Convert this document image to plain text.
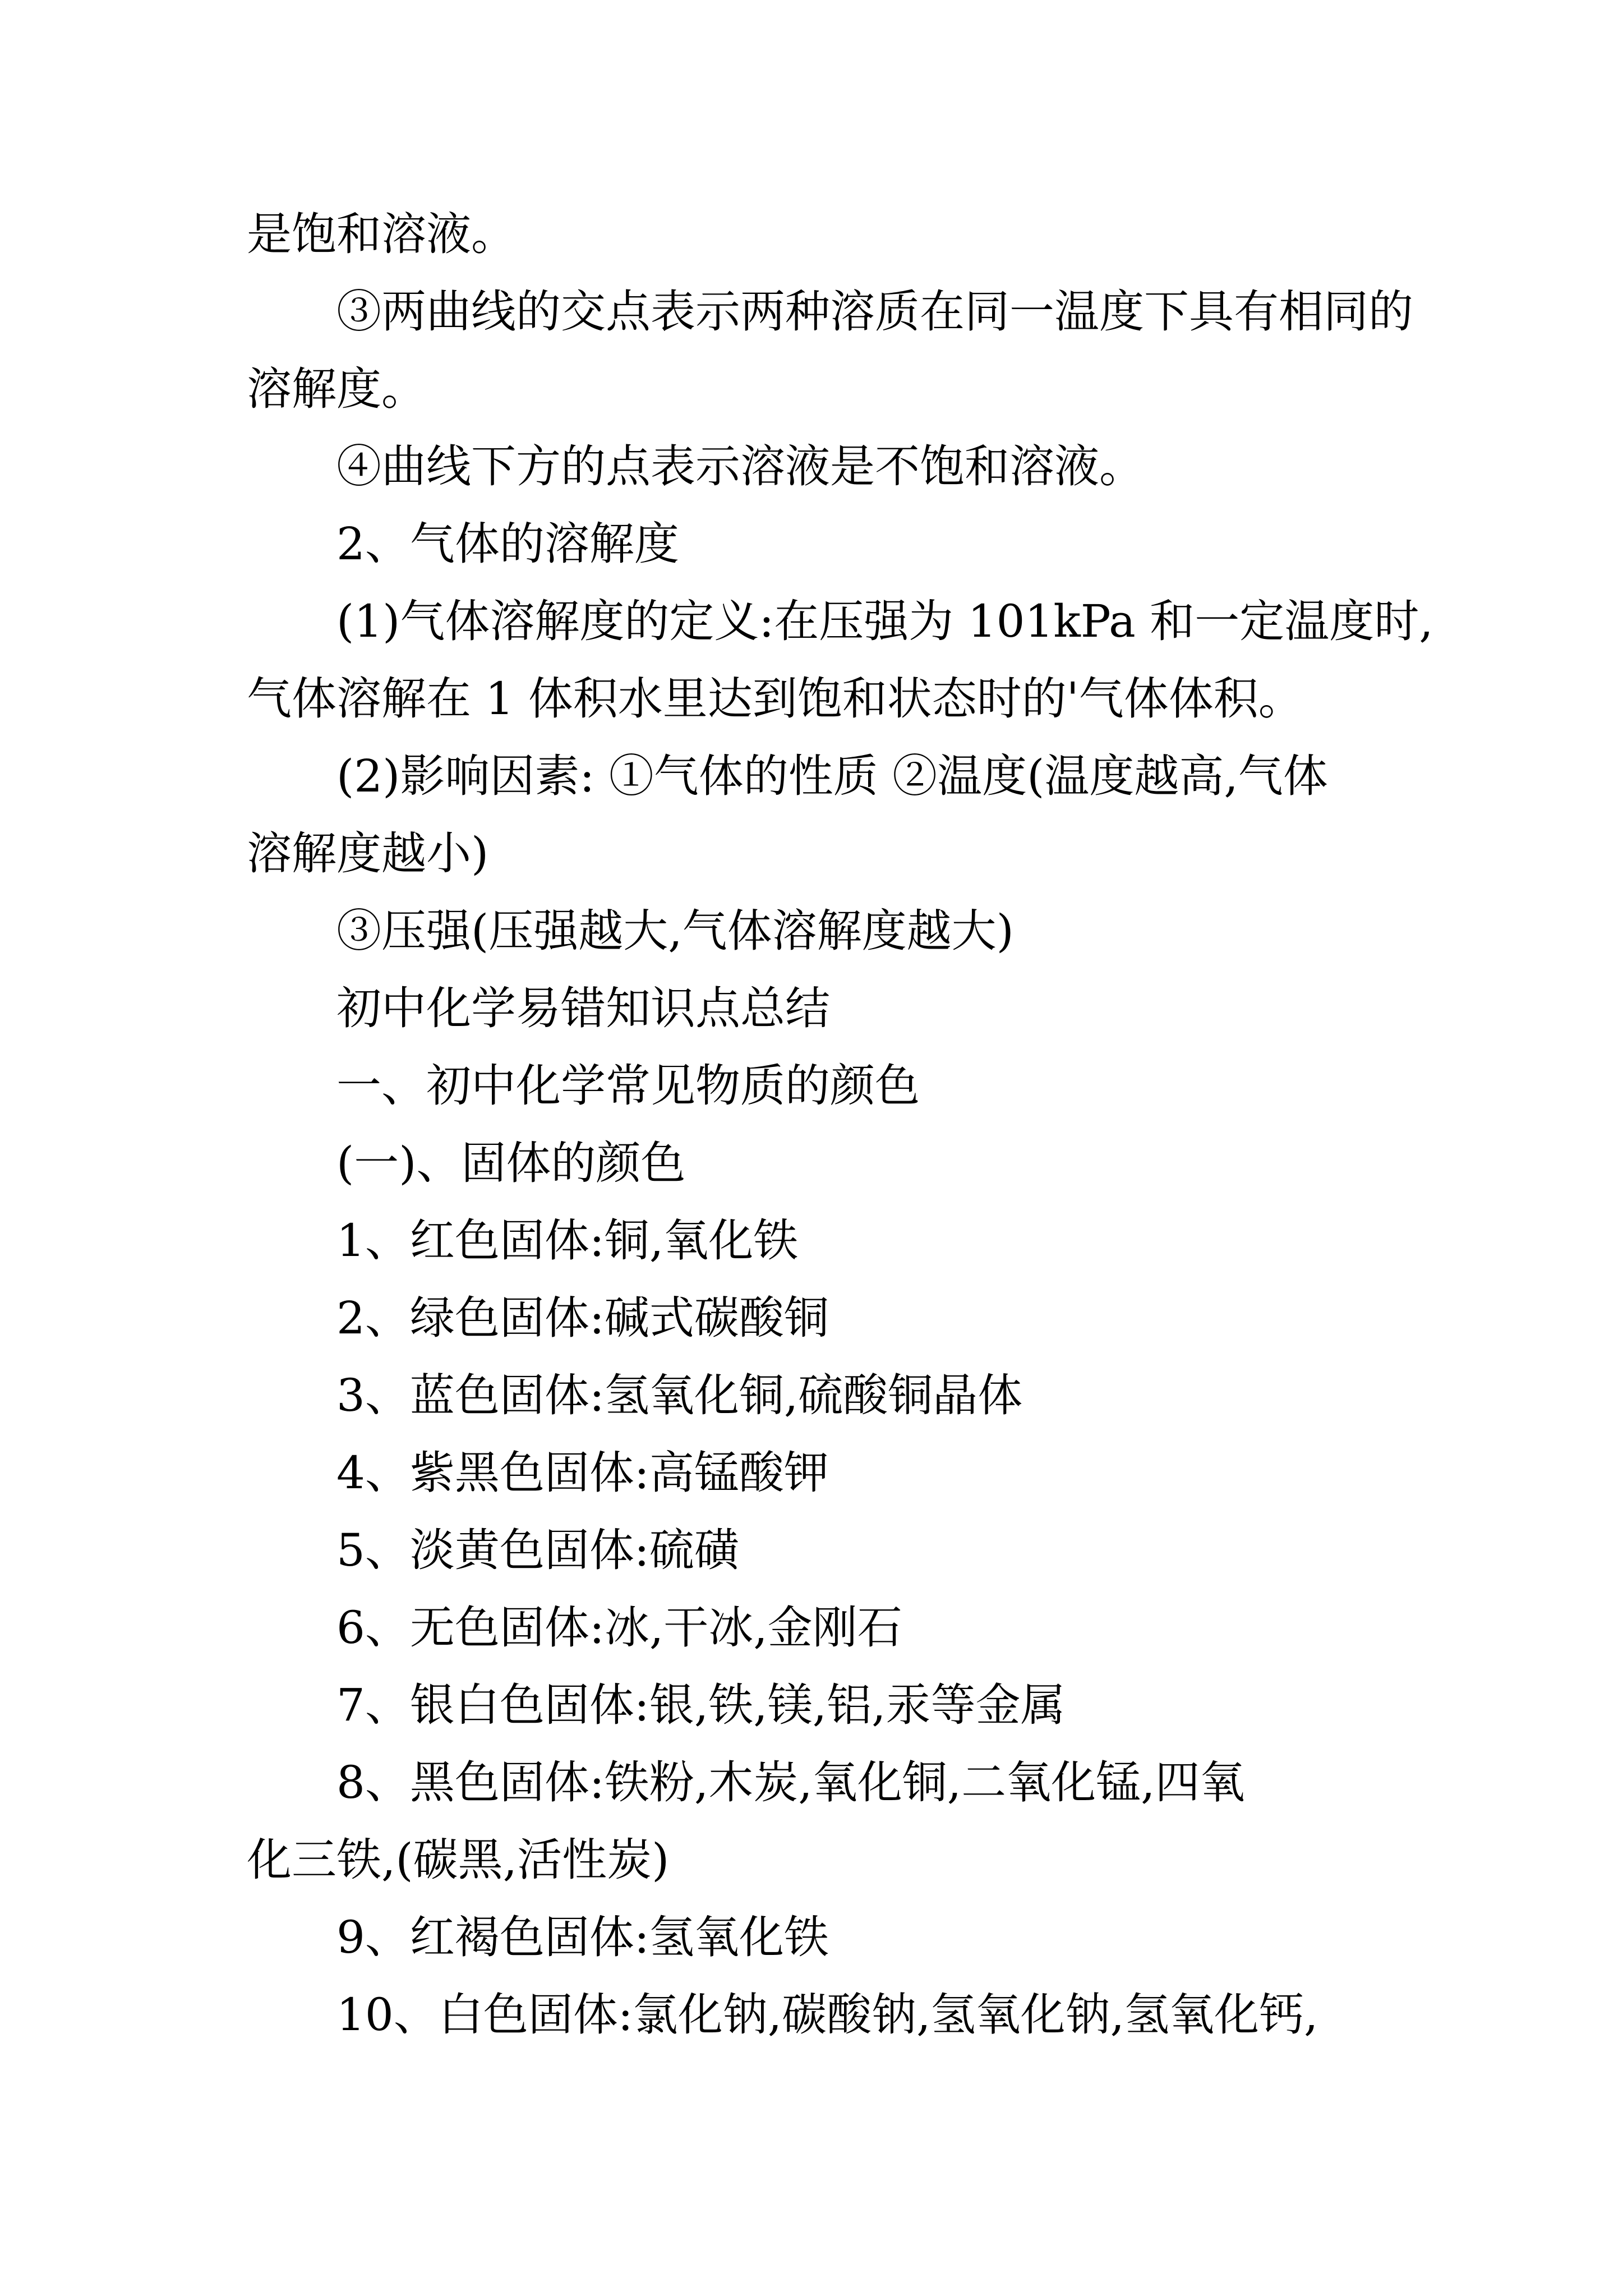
是饱和溶液。
③两曲线的交点表示两种溶质在同一温度下具有相同的
溶解度。
④曲线下方的点表示溶液是不饱和溶液。
2、气体的溶解度
(1)气体溶解度的定义:在压强为 101kPa 和一定温度时,
气体溶解在 1 体积水里达到饱和状态时的'气体体积。
(2)影响因素: ①气体的性质 ②温度(温度越高,气体
溶解度越小)
③压强(压强越大,气体溶解度越大)
初中化学易错知识点总结
一、初中化学常见物质的颜色
(一)、固体的颜色
1、红色固体:铜,氧化铁
2、绿色固体:碱式碳酸铜
3、蓝色固体:氢氧化铜,硫酸铜晶体
4、紫黑色固体:高锰酸钾
5、淡黄色固体:硫磺
6、无色固体:冰,干冰,金刚石
7、银白色固体:银,铁,镁,铝,汞等金属
8、黑色固体:铁粉,木炭,氧化铜,二氧化锰,四氧
化三铁,(碳黑,活性炭)
9、红褐色固体:氢氧化铁
10、白色固体:氯化钠,碳酸钠,氢氧化钠,氢氧化钙,
